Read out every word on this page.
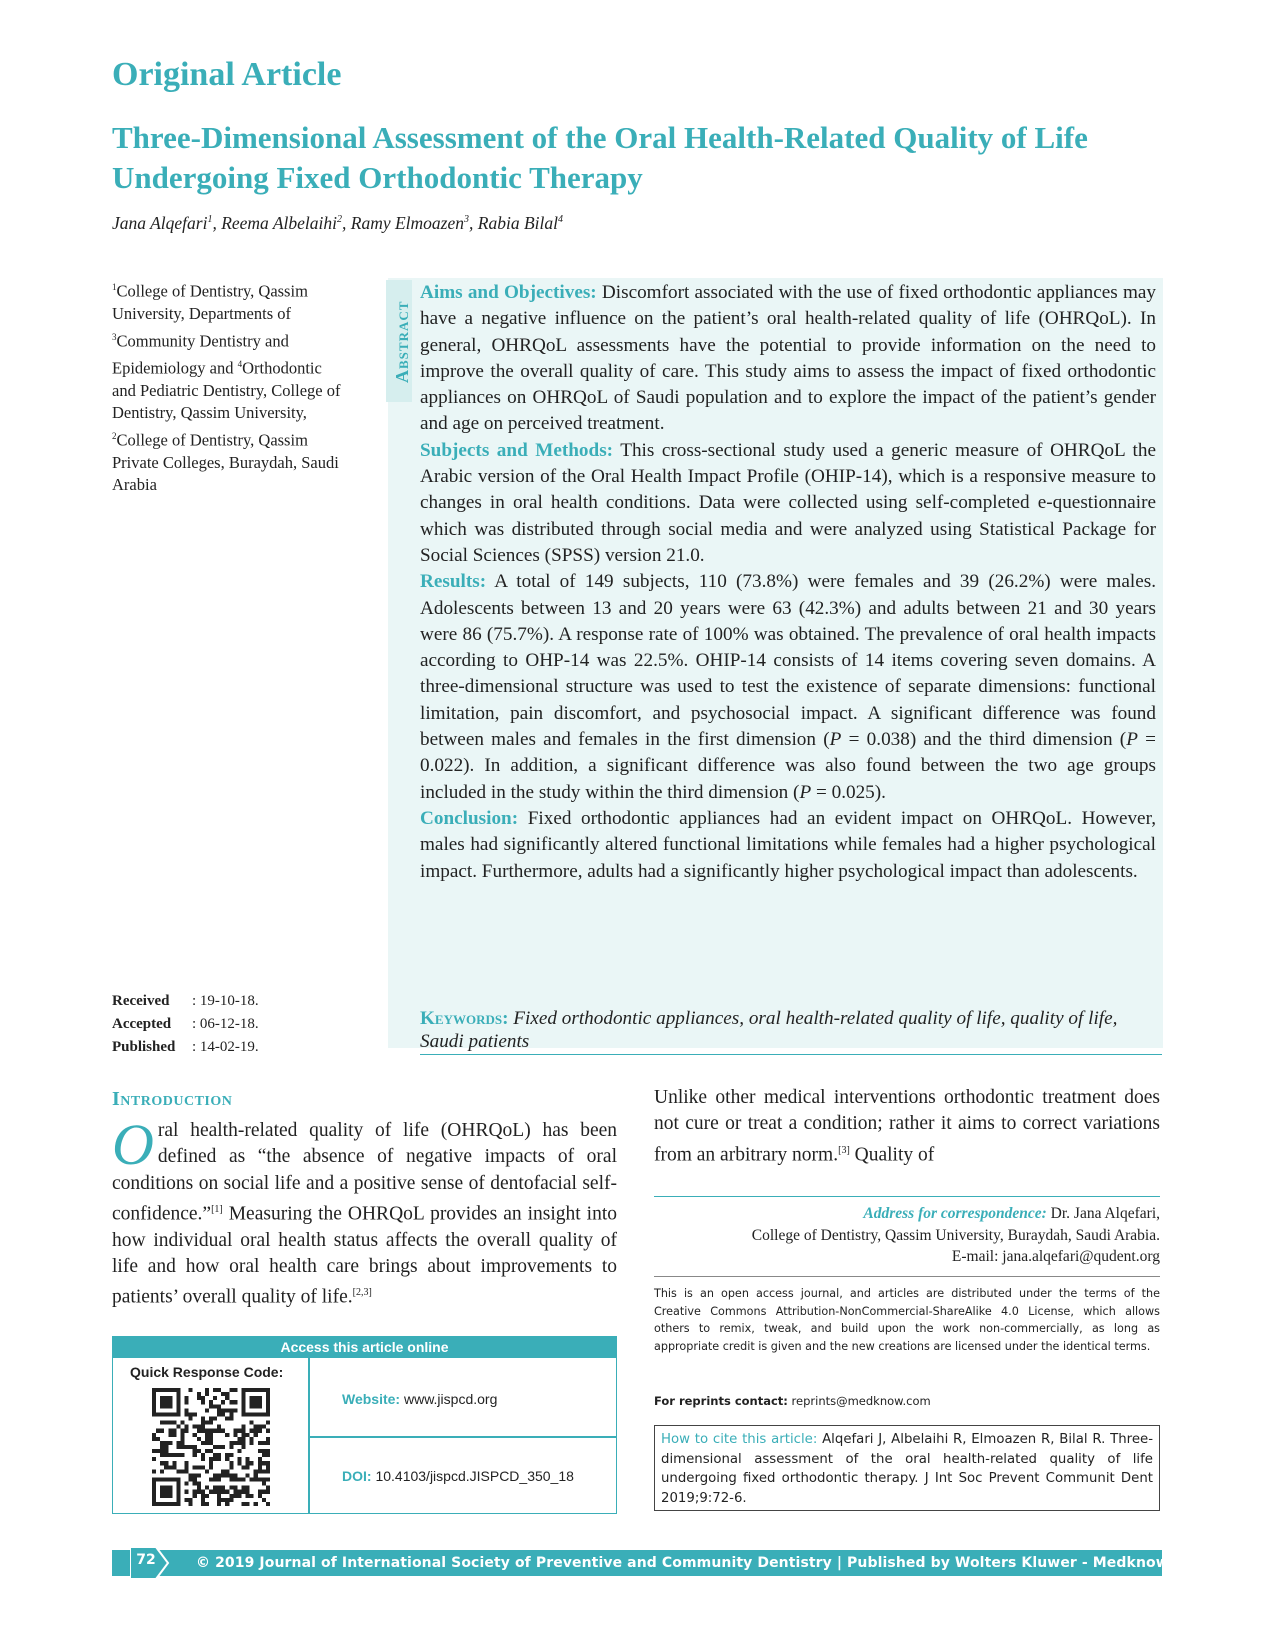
Original Article
Three-Dimensional Assessment of the Oral Health-Related Quality of Life Undergoing Fixed Orthodontic Therapy
Jana Alqefari$^1$, Reema Albelaihi$^2$, Ramy Elmoazen$^3$, Rabia Bilal$^4$
$^1$College of Dentistry, Qassim University, Departments of $^3$Community Dentistry and Epidemiology and $^4$Orthodontic and Pediatric Dentistry, College of Dentistry, Qassim University, $^2$College of Dentistry, Qassim Private Colleges, Buraydah, Saudi Arabia
Abstract

Aims and Objectives: Discomfort associated with the use of fixed orthodontic appliances may have a negative influence on the patient’s oral health-related quality of life (OHRQoL). In general, OHRQoL assessments have the potential to provide information on the need to improve the overall quality of care. This study aims to assess the impact of fixed orthodontic appliances on OHRQoL of Saudi population and to explore the impact of the patient’s gender and age on perceived treatment.

Subjects and Methods: This cross-sectional study used a generic measure of OHRQoL the Arabic version of the Oral Health Impact Profile (OHIP-14), which is a responsive measure to changes in oral health conditions. Data were collected using self-completed e-questionnaire which was distributed through social media and were analyzed using Statistical Package for Social Sciences (SPSS) version 21.0.

Results: A total of 149 subjects, 110 (73.8%) were females and 39 (26.2%) were males. Adolescents between 13 and 20 years were 63 (42.3%) and adults between 21 and 30 years were 86 (75.7%). A response rate of 100% was obtained. The prevalence of oral health impacts according to OHP-14 was 22.5%. OHIP-14 consists of 14 items covering seven domains. A three-dimensional structure was used to test the existence of separate dimensions: functional limitation, pain discomfort, and psychosocial impact. A significant difference was found between males and females in the first dimension (P = 0.038) and the third dimension (P = 0.022). In addition, a significant difference was also found between the two age groups included in the study within the third dimension (P = 0.025).

Conclusion: Fixed orthodontic appliances had an evident impact on OHRQoL. However, males had significantly altered functional limitations while females had a higher psychological impact. Furthermore, adults had a significantly higher psychological impact than adolescents.

Keywords: Fixed orthodontic appliances, oral health-related quality of life, quality of life, Saudi patients
Received : 19-10-18.
Accepted : 06-12-18.
Published : 14-02-19.
Introduction
Oral health-related quality of life (OHRQoL) has been defined as “the absence of negative impacts of oral conditions on social life and a positive sense of dentofacial self-confidence.”[1] Measuring the OHRQoL provides an insight into how individual oral health status affects the overall quality of life and how oral health care brings about improvements to patients’ overall quality of life.[2,3]
Unlike other medical interventions orthodontic treatment does not cure or treat a condition; rather it aims to correct variations from an arbitrary norm.[3] Quality of
Address for correspondence: Dr. Jana Alqefari,
College of Dentistry, Qassim University, Buraydah, Saudi Arabia.
E-mail: jana.alqefari@qudent.org
This is an open access journal, and articles are distributed under the terms of the Creative Commons Attribution-NonCommercial-ShareAlike 4.0 License, which allows others to remix, tweak, and build upon the work non-commercially, as long as appropriate credit is given and the new creations are licensed under the identical terms.
For reprints contact: reprints@medknow.com
How to cite this article: Alqefari J, Albelaihi R, Elmoazen R, Bilal R. Three-dimensional assessment of the oral health-related quality of life undergoing fixed orthodontic therapy. J Int Soc Prevent Communit Dent 2019;9:72-6.
Access this article online
Quick Response Code:
Website: www.jispcd.org
DOI: 10.4103/jispcd.JISPCD_350_18
72	© 2019 Journal of International Society of Preventive and Community Dentistry | Published by Wolters Kluwer - Medknow
